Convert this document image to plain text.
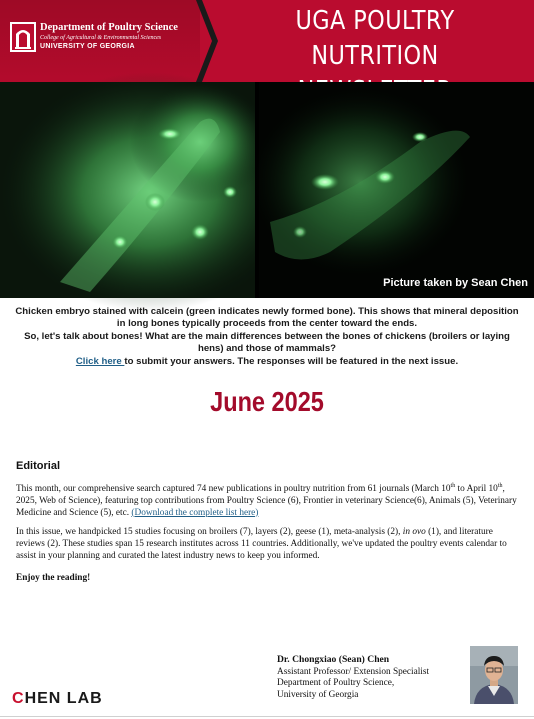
Department of Poultry Science
College of Agricultural & Environmental Sciences
UNIVERSITY OF GEORGIA
UGA POULTRY NUTRITION
Picture taken by Sean Chen
Chicken embryo stained with calcein (green indicates newly formed bone). This shows that mineral deposition in long bones typically proceeds from the center toward the ends.
So, let's talk about bones! What are the main differences between the bones of chickens (broilers or laying hens) and those of mammals?
Click here to submit your answers. The responses will be featured in the next issue.
June 2025
Editorial

This month, our comprehensive search captured 74 new publications in poultry nutrition from 61 journals (March 10th to April 10th, 2025, Web of Science), featuring top contributions from Poultry Science (6), Frontier in veterinary Science(6), Animals (5), Veterinary Medicine and Science (5), etc. (Download the complete list here)

In this issue, we handpicked 15 studies focusing on broilers (7), layers (2), geese (1), meta-analysis (2), in ovo (1), and literature reviews (2). These studies span 15 research institutes across 11 countries. Additionally, we've updated the poultry events calendar to assist in your planning and curated the latest industry news to keep you informed.

Enjoy the reading!

Dr. Chongxiao (Sean) Chen
Assistant Professor/ Extension Specialist
Department of Poultry Science,
University of Georgia
CHEN LAB
